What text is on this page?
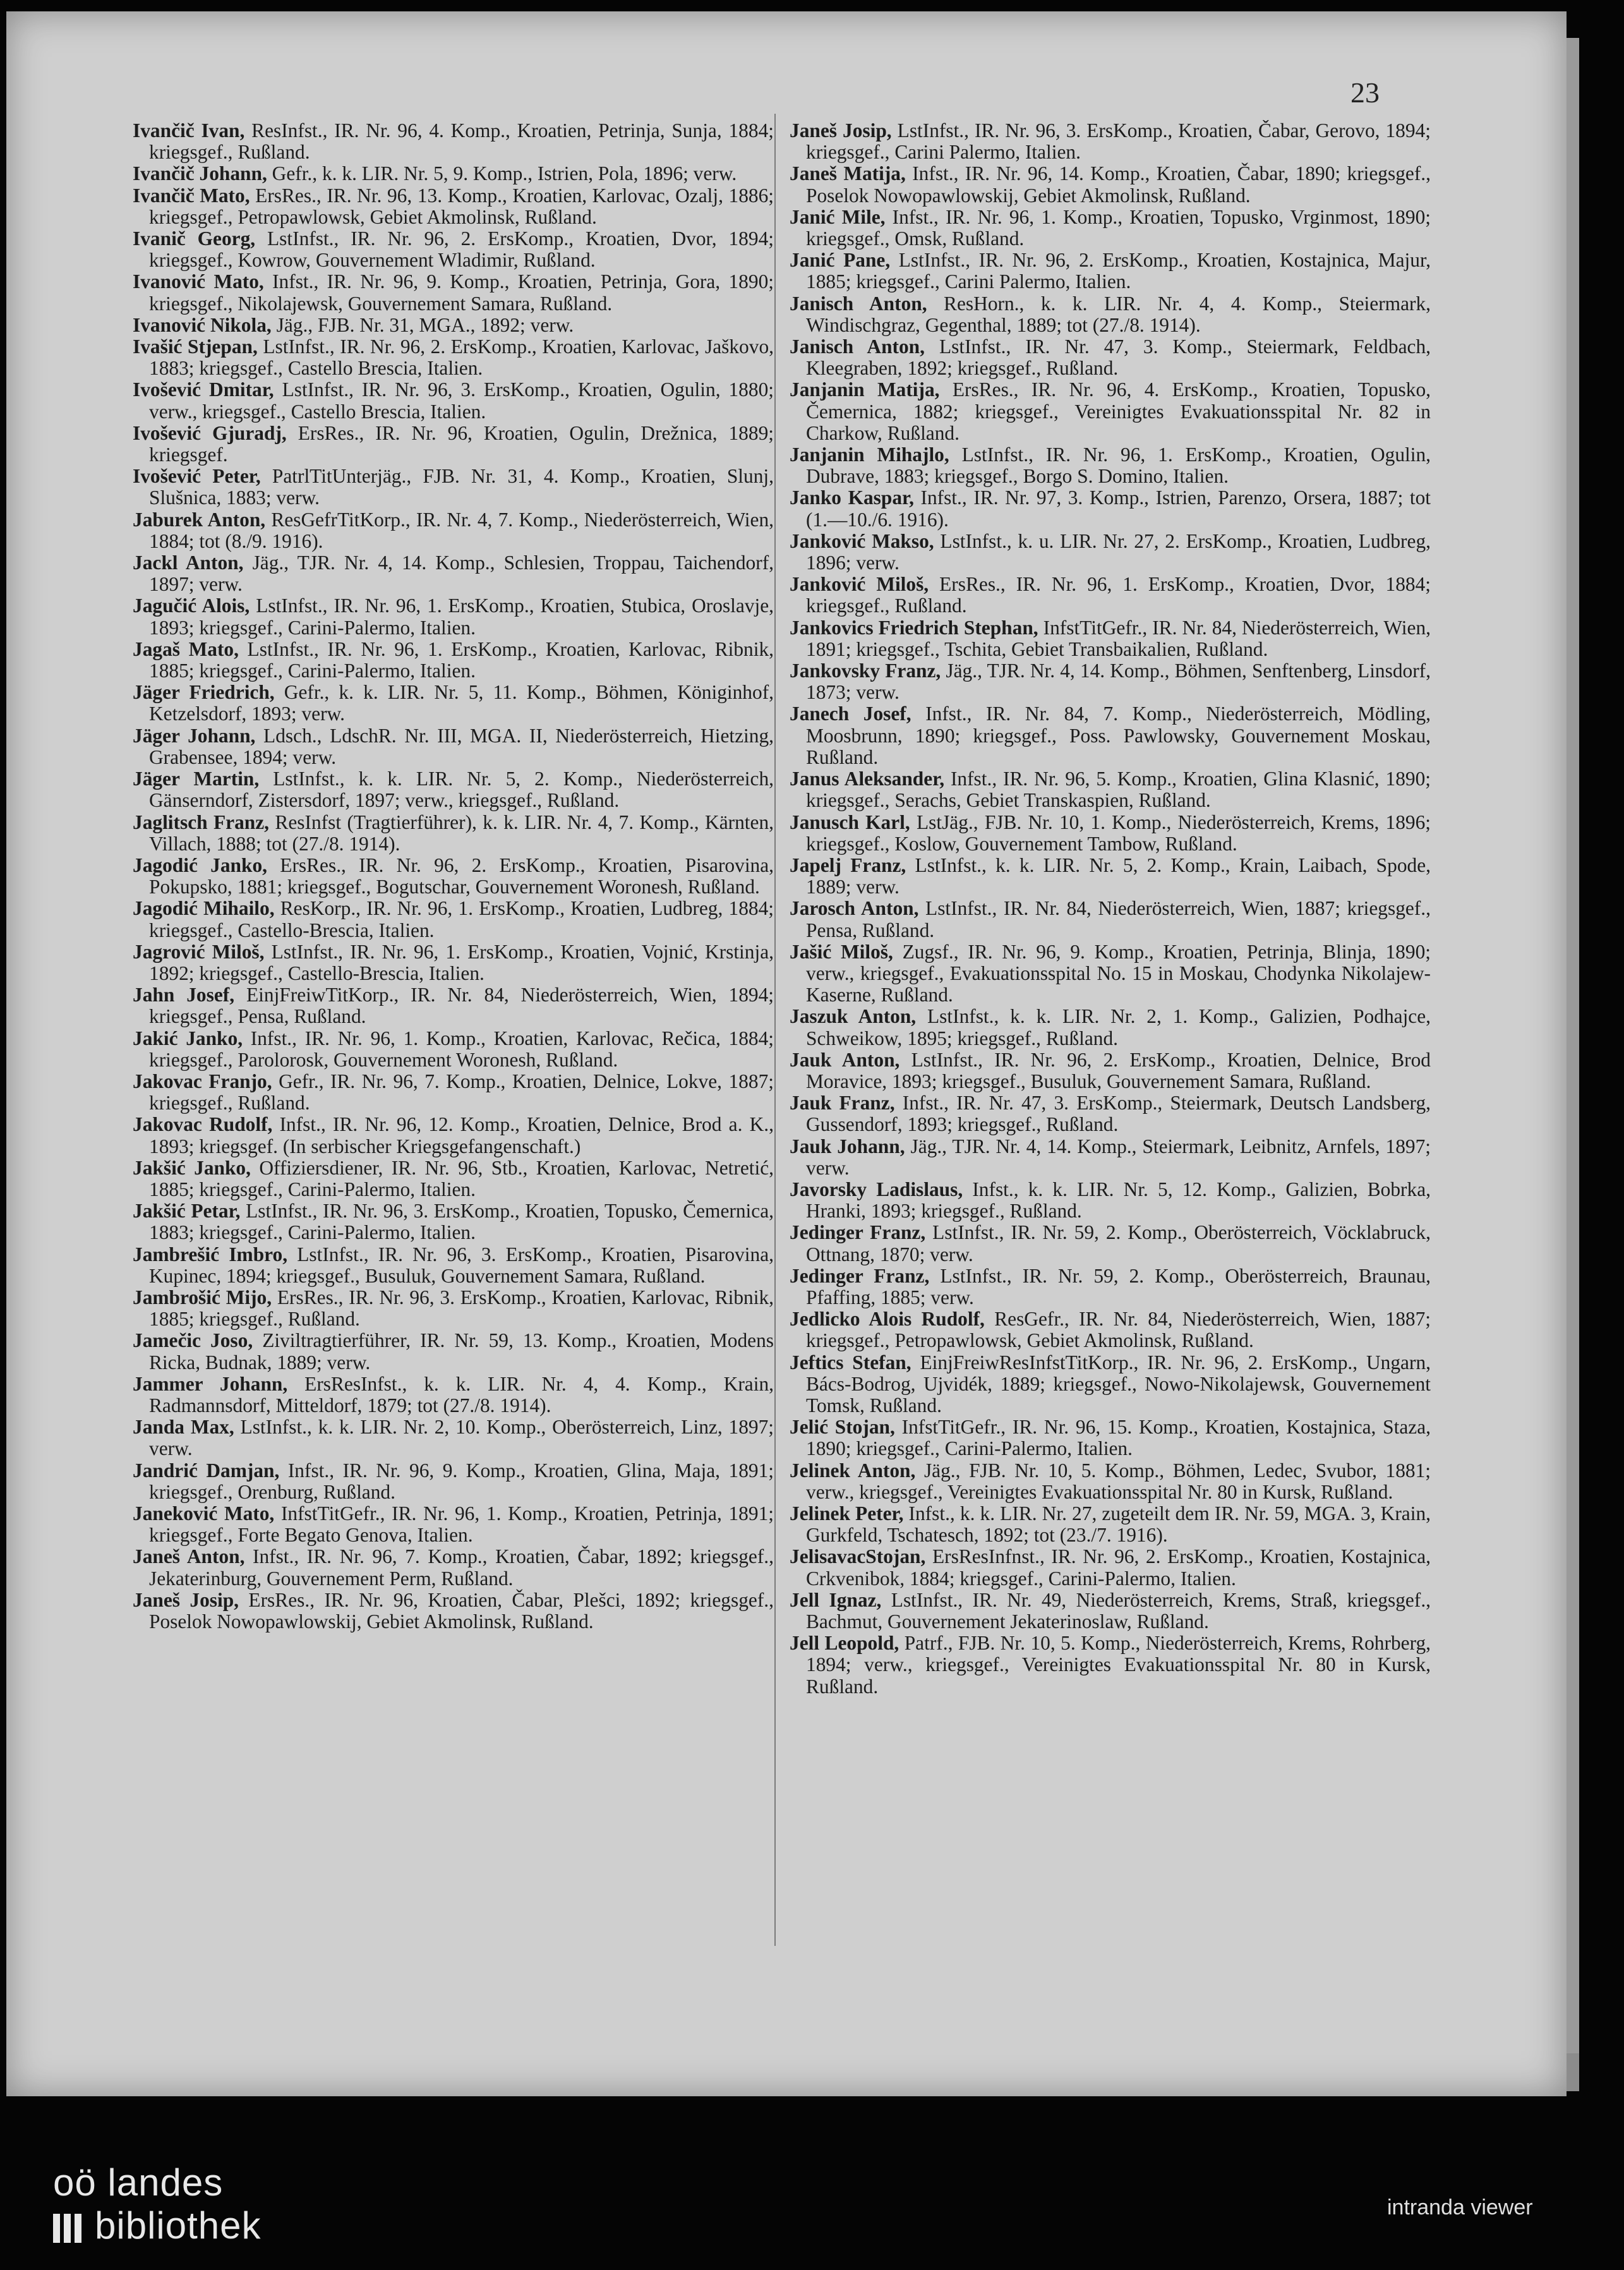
23

Ivančič Ivan, ResInfst., IR. Nr. 96, 4. Komp., Kroatien, Petrinja, Sunja, 1884; kriegsgef., Rußland.

Ivančič Johann, Gefr., k. k. LIR. Nr. 5, 9. Komp., Istrien, Pola, 1896; verw.

Ivančič Mato, ErsRes., IR. Nr. 96, 13. Komp., Kroatien, Karlovac, Ozalj, 1886; kriegsgef., Petropawlowsk, Gebiet Akmolinsk, Rußland.

Ivanič Georg, LstInfst., IR. Nr. 96, 2. ErsKomp., Kroatien, Dvor, 1894; kriegsgef., Kowrow, Gouvernement Wladimir, Rußland.

Ivanović Mato, Infst., IR. Nr. 96, 9. Komp., Kroatien, Petrinja, Gora, 1890; kriegsgef., Nikolajewsk, Gouvernement Samara, Rußland.

Ivanović Nikola, Jäg., FJB. Nr. 31, MGA., 1892; verw.

Ivašić Stjepan, LstInfst., IR. Nr. 96, 2. ErsKomp., Kroatien, Karlovac, Jaškovo, 1883; kriegsgef., Castello Brescia, Italien.

Ivošević Dmitar, LstInfst., IR. Nr. 96, 3. ErsKomp., Kroatien, Ogulin, 1880; verw., kriegsgef., Castello Brescia, Italien.

Ivošević Gjuradj, ErsRes., IR. Nr. 96, Kroatien, Ogulin, Drežnica, 1889; kriegsgef.

Ivošević Peter, PatrlTitUnterjäg., FJB. Nr. 31, 4. Komp., Kroatien, Slunj, Slušnica, 1883; verw.

Jaburek Anton, ResGefrTitKorp., IR. Nr. 4, 7. Komp., Niederösterreich, Wien, 1884; tot (8./9. 1916).

Jackl Anton, Jäg., TJR. Nr. 4, 14. Komp., Schlesien, Troppau, Taichendorf, 1897; verw.

Jagučić Alois, LstInfst., IR. Nr. 96, 1. ErsKomp., Kroatien, Stubica, Oroslavje, 1893; kriegsgef., Carini-Palermo, Italien.

Jagaš Mato, LstInfst., IR. Nr. 96, 1. ErsKomp., Kroatien, Karlovac, Ribnik, 1885; kriegsgef., Carini-Palermo, Italien.

Jäger Friedrich, Gefr., k. k. LIR. Nr. 5, 11. Komp., Böhmen, Königinhof, Ketzelsdorf, 1893; verw.

Jäger Johann, Ldsch., LdschR. Nr. III, MGA. II, Niederösterreich, Hietzing, Grabensee, 1894; verw.

Jäger Martin, LstInfst., k. k. LIR. Nr. 5, 2. Komp., Niederösterreich, Gänserndorf, Zistersdorf, 1897; verw., kriegsgef., Rußland.

Jaglitsch Franz, ResInfst (Tragtierführer), k. k. LIR. Nr. 4, 7. Komp., Kärnten, Villach, 1888; tot (27./8. 1914).

Jagodić Janko, ErsRes., IR. Nr. 96, 2. ErsKomp., Kroatien, Pisarovina, Pokupsko, 1881; kriegsgef., Bogutschar, Gouvernement Woronesh, Rußland.

Jagodić Mihailo, ResKorp., IR. Nr. 96, 1. ErsKomp., Kroatien, Ludbreg, 1884; kriegsgef., Castello-Brescia, Italien.

Jagrović Miloš, LstInfst., IR. Nr. 96, 1. ErsKomp., Kroatien, Vojnić, Krstinja, 1892; kriegsgef., Castello-Brescia, Italien.

Jahn Josef, EinjFreiwTitKorp., IR. Nr. 84, Niederösterreich, Wien, 1894; kriegsgef., Pensa, Rußland.

Jakić Janko, Infst., IR. Nr. 96, 1. Komp., Kroatien, Karlovac, Rečica, 1884; kriegsgef., Parolorosk, Gouvernement Woronesh, Rußland.

Jakovac Franjo, Gefr., IR. Nr. 96, 7. Komp., Kroatien, Delnice, Lokve, 1887; kriegsgef., Rußland.

Jakovac Rudolf, Infst., IR. Nr. 96, 12. Komp., Kroatien, Delnice, Brod a. K., 1893; kriegsgef. (In serbischer Kriegsgefangenschaft.)

Jakšić Janko, Offiziersdiener, IR. Nr. 96, Stb., Kroatien, Karlovac, Netretić, 1885; kriegsgef., Carini-Palermo, Italien.

Jakšić Petar, LstInfst., IR. Nr. 96, 3. ErsKomp., Kroatien, Topusko, Čemernica, 1883; kriegsgef., Carini-Palermo, Italien.

Jambrešić Imbro, LstInfst., IR. Nr. 96, 3. ErsKomp., Kroatien, Pisarovina, Kupinec, 1894; kriegsgef., Busuluk, Gouvernement Samara, Rußland.

Jambrošić Mijo, ErsRes., IR. Nr. 96, 3. ErsKomp., Kroatien, Karlovac, Ribnik, 1885; kriegsgef., Rußland.

Jamečic Joso, Ziviltragtierführer, IR. Nr. 59, 13. Komp., Kroatien, Modens Ricka, Budnak, 1889; verw.

Jammer Johann, ErsResInfst., k. k. LIR. Nr. 4, 4. Komp., Krain, Radmannsdorf, Mitteldorf, 1879; tot (27./8. 1914).

Janda Max, LstInfst., k. k. LIR. Nr. 2, 10. Komp., Oberösterreich, Linz, 1897; verw.

Jandrić Damjan, Infst., IR. Nr. 96, 9. Komp., Kroatien, Glina, Maja, 1891; kriegsgef., Orenburg, Rußland.

Janeković Mato, InfstTitGefr., IR. Nr. 96, 1. Komp., Kroatien, Petrinja, 1891; kriegsgef., Forte Begato Genova, Italien.

Janeš Anton, Infst., IR. Nr. 96, 7. Komp., Kroatien, Čabar, 1892; kriegsgef., Jekaterinburg, Gouvernement Perm, Rußland.

Janeš Josip, ErsRes., IR. Nr. 96, Kroatien, Čabar, Plešci, 1892; kriegsgef., Poselok Nowopawlowskij, Gebiet Akmolinsk, Rußland.

Janeš Josip, LstInfst., IR. Nr. 96, 3. ErsKomp., Kroatien, Čabar, Gerovo, 1894; kriegsgef., Carini Palermo, Italien.

Janeš Matija, Infst., IR. Nr. 96, 14. Komp., Kroatien, Čabar, 1890; kriegsgef., Poselok Nowopawlowskij, Gebiet Akmolinsk, Rußland.

Janić Mile, Infst., IR. Nr. 96, 1. Komp., Kroatien, Topusko, Vrginmost, 1890; kriegsgef., Omsk, Rußland.

Janić Pane, LstInfst., IR. Nr. 96, 2. ErsKomp., Kroatien, Kostajnica, Majur, 1885; kriegsgef., Carini Palermo, Italien.

Janisch Anton, ResHorn., k. k. LIR. Nr. 4, 4. Komp., Steiermark, Windischgraz, Gegenthal, 1889; tot (27./8. 1914).

Janisch Anton, LstInfst., IR. Nr. 47, 3. Komp., Steiermark, Feldbach, Kleegraben, 1892; kriegsgef., Rußland.

Janjanin Matija, ErsRes., IR. Nr. 96, 4. ErsKomp., Kroatien, Topusko, Čemernica, 1882; kriegsgef., Vereinigtes Evakuationsspital Nr. 82 in Charkow, Rußland.

Janjanin Mihajlo, LstInfst., IR. Nr. 96, 1. ErsKomp., Kroatien, Ogulin, Dubrave, 1883; kriegsgef., Borgo S. Domino, Italien.

Janko Kaspar, Infst., IR. Nr. 97, 3. Komp., Istrien, Parenzo, Orsera, 1887; tot (1.—10./6. 1916).

Janković Makso, LstInfst., k. u. LIR. Nr. 27, 2. ErsKomp., Kroatien, Ludbreg, 1896; verw.

Janković Miloš, ErsRes., IR. Nr. 96, 1. ErsKomp., Kroatien, Dvor, 1884; kriegsgef., Rußland.

Jankovics Friedrich Stephan, InfstTitGefr., IR. Nr. 84, Niederösterreich, Wien, 1891; kriegsgef., Tschita, Gebiet Transbaikalien, Rußland.

Jankovsky Franz, Jäg., TJR. Nr. 4, 14. Komp., Böhmen, Senftenberg, Linsdorf, 1873; verw.

Janech Josef, Infst., IR. Nr. 84, 7. Komp., Niederösterreich, Mödling, Moosbrunn, 1890; kriegsgef., Poss. Pawlowsky, Gouvernement Moskau, Rußland.

Janus Aleksander, Infst., IR. Nr. 96, 5. Komp., Kroatien, Glina Klasnić, 1890; kriegsgef., Serachs, Gebiet Transkaspien, Rußland.

Janusch Karl, LstJäg., FJB. Nr. 10, 1. Komp., Niederösterreich, Krems, 1896; kriegsgef., Koslow, Gouvernement Tambow, Rußland.

Japelj Franz, LstInfst., k. k. LIR. Nr. 5, 2. Komp., Krain, Laibach, Spode, 1889; verw.

Jarosch Anton, LstInfst., IR. Nr. 84, Niederösterreich, Wien, 1887; kriegsgef., Pensa, Rußland.

Jašić Miloš, Zugsf., IR. Nr. 96, 9. Komp., Kroatien, Petrinja, Blinja, 1890; verw., kriegsgef., Evakuationsspital No. 15 in Moskau, Chodynka Nikolajew-Kaserne, Rußland.

Jaszuk Anton, LstInfst., k. k. LIR. Nr. 2, 1. Komp., Galizien, Podhajce, Schweikow, 1895; kriegsgef., Rußland.

Jauk Anton, LstInfst., IR. Nr. 96, 2. ErsKomp., Kroatien, Delnice, Brod Moravice, 1893; kriegsgef., Busuluk, Gouvernement Samara, Rußland.

Jauk Franz, Infst., IR. Nr. 47, 3. ErsKomp., Steiermark, Deutsch Landsberg, Gussendorf, 1893; kriegsgef., Rußland.

Jauk Johann, Jäg., TJR. Nr. 4, 14. Komp., Steiermark, Leibnitz, Arnfels, 1897; verw.

Javorsky Ladislaus, Infst., k. k. LIR. Nr. 5, 12. Komp., Galizien, Bobrka, Hranki, 1893; kriegsgef., Rußland.

Jedinger Franz, LstInfst., IR. Nr. 59, 2. Komp., Oberösterreich, Vöcklabruck, Ottnang, 1870; verw.

Jedinger Franz, LstInfst., IR. Nr. 59, 2. Komp., Oberösterreich, Braunau, Pfaffing, 1885; verw.

Jedlicko Alois Rudolf, ResGefr., IR. Nr. 84, Niederösterreich, Wien, 1887; kriegsgef., Petropawlowsk, Gebiet Akmolinsk, Rußland.

Jeftics Stefan, EinjFreiwResInfstTitKorp., IR. Nr. 96, 2. ErsKomp., Ungarn, Bács-Bodrog, Ujvidék, 1889; kriegsgef., Nowo-Nikolajewsk, Gouvernement Tomsk, Rußland.

Jelić Stojan, InfstTitGefr., IR. Nr. 96, 15. Komp., Kroatien, Kostajnica, Staza, 1890; kriegsgef., Carini-Palermo, Italien.

Jelinek Anton, Jäg., FJB. Nr. 10, 5. Komp., Böhmen, Ledec, Svubor, 1881; verw., kriegsgef., Vereinigtes Evakuationsspital Nr. 80 in Kursk, Rußland.

Jelinek Peter, Infst., k. k. LIR. Nr. 27, zugeteilt dem IR. Nr. 59, MGA. 3, Krain, Gurkfeld, Tschatesch, 1892; tot (23./7. 1916).

JelisavacStojan, ErsResInfnst., IR. Nr. 96, 2. ErsKomp., Kroatien, Kostajnica, Crkvenibok, 1884; kriegsgef., Carini-Palermo, Italien.

Jell Ignaz, LstInfst., IR. Nr. 49, Niederösterreich, Krems, Straß, kriegsgef., Bachmut, Gouvernement Jekaterinoslaw, Rußland.

Jell Leopold, Patrf., FJB. Nr. 10, 5. Komp., Niederösterreich, Krems, Rohrberg, 1894; verw., kriegsgef., Vereinigtes Evakuationsspital Nr. 80 in Kursk, Rußland.

oö landes
bibliothek	intranda viewer
